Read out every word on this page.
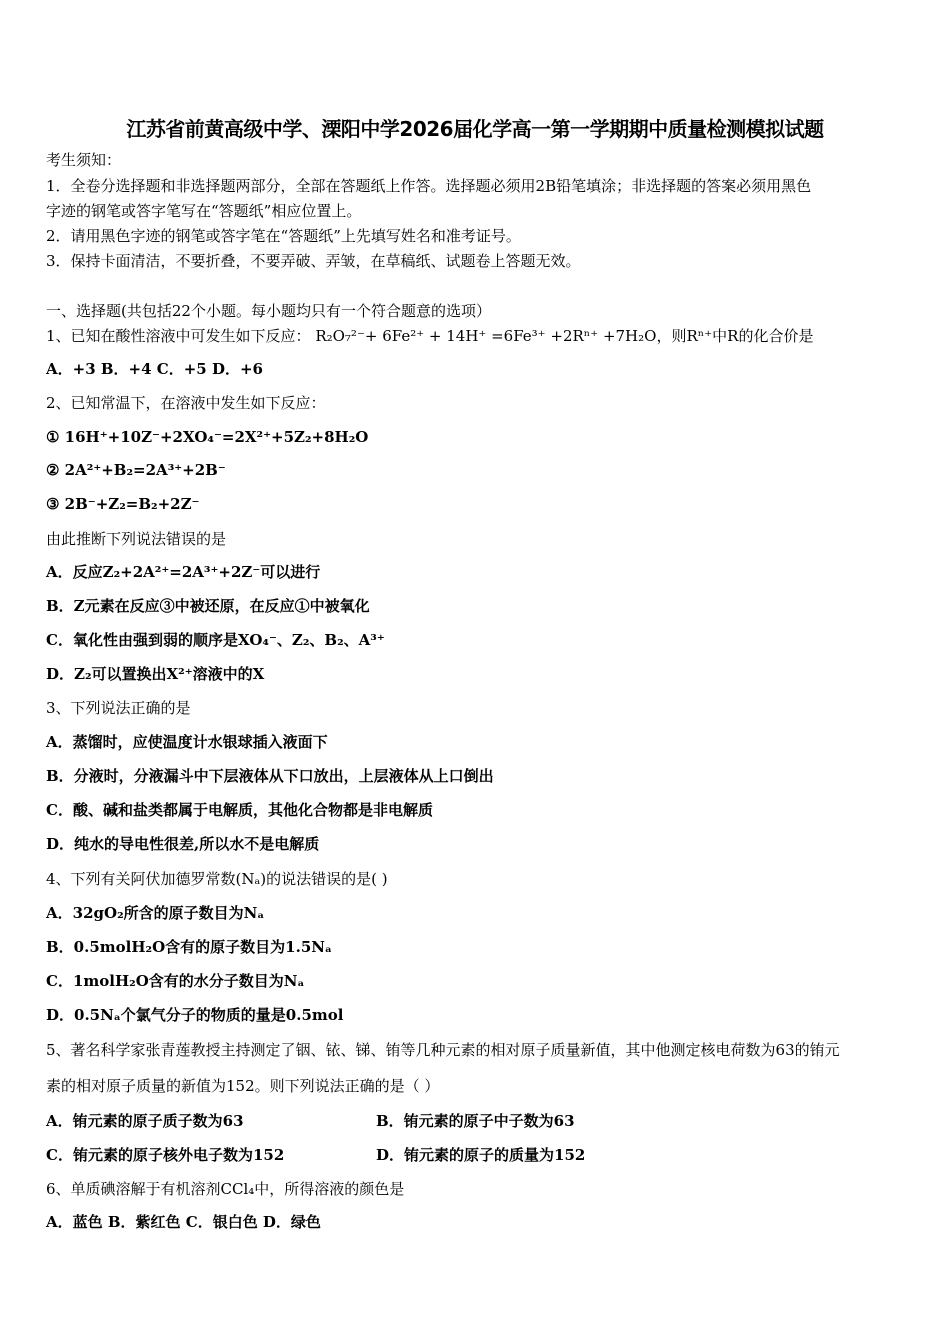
江苏省前黄高级中学、溧阳中学2026届化学高一第一学期期中质量检测模拟试题
考生须知：
1．全卷分选择题和非选择题两部分，全部在答题纸上作答。选择题必须用2B铅笔填涂；非选择题的答案必须用黑色
字迹的钢笔或答字笔写在“答题纸”相应位置上。
2．请用黑色字迹的钢笔或答字笔在“答题纸”上先填写姓名和准考证号。
3．保持卡面清洁，不要折叠，不要弄破、弄皱，在草稿纸、试题卷上答题无效。
一、选择题(共包括22个小题。每小题均只有一个符合题意的选项）
1、已知在酸性溶液中可发生如下反应： R₂O₇²⁻+ 6Fe²⁺ + 14H⁺ =6Fe³⁺ +2Rⁿ⁺ +7H₂O，则Rⁿ⁺中R的化合价是
A．+3 B．+4 C．+5 D．+6
2、已知常温下，在溶液中发生如下反应：
① 16H⁺+10Z⁻+2XO₄⁻=2X²⁺+5Z₂+8H₂O
② 2A²⁺+B₂=2A³⁺+2B⁻
③ 2B⁻+Z₂=B₂+2Z⁻
由此推断下列说法错误的是
A．反应Z₂+2A²⁺=2A³⁺+2Z⁻可以进行
B．Z元素在反应③中被还原，在反应①中被氧化
C．氧化性由强到弱的顺序是XO₄⁻、Z₂、B₂、A³⁺
D．Z₂可以置换出X²⁺溶液中的X
3、下列说法正确的是
A．蒸馏时，应使温度计水银球插入液面下
B．分液时，分液漏斗中下层液体从下口放出，上层液体从上口倒出
C．酸、碱和盐类都属于电解质，其他化合物都是非电解质
D．纯水的导电性很差,所以水不是电解质
4、下列有关阿伏加德罗常数(Nₐ)的说法错误的是( )
A．32gO₂所含的原子数目为Nₐ
B．0.5molH₂O含有的原子数目为1.5Nₐ
C．1molH₂O含有的水分子数目为Nₐ
D．0.5Nₐ个氯气分子的物质的量是0.5mol
5、著名科学家张青莲教授主持测定了铟、铱、锑、铕等几种元素的相对原子质量新值，其中他测定核电荷数为63的铕元
素的相对原子质量的新值为152。则下列说法正确的是（ ）
A．铕元素的原子质子数为63	B．铕元素的原子中子数为63
C．铕元素的原子核外电子数为152	D．铕元素的原子的质量为152
6、单质碘溶解于有机溶剂CCl₄中，所得溶液的颜色是
A．蓝色 B．紫红色 C．银白色 D．绿色
